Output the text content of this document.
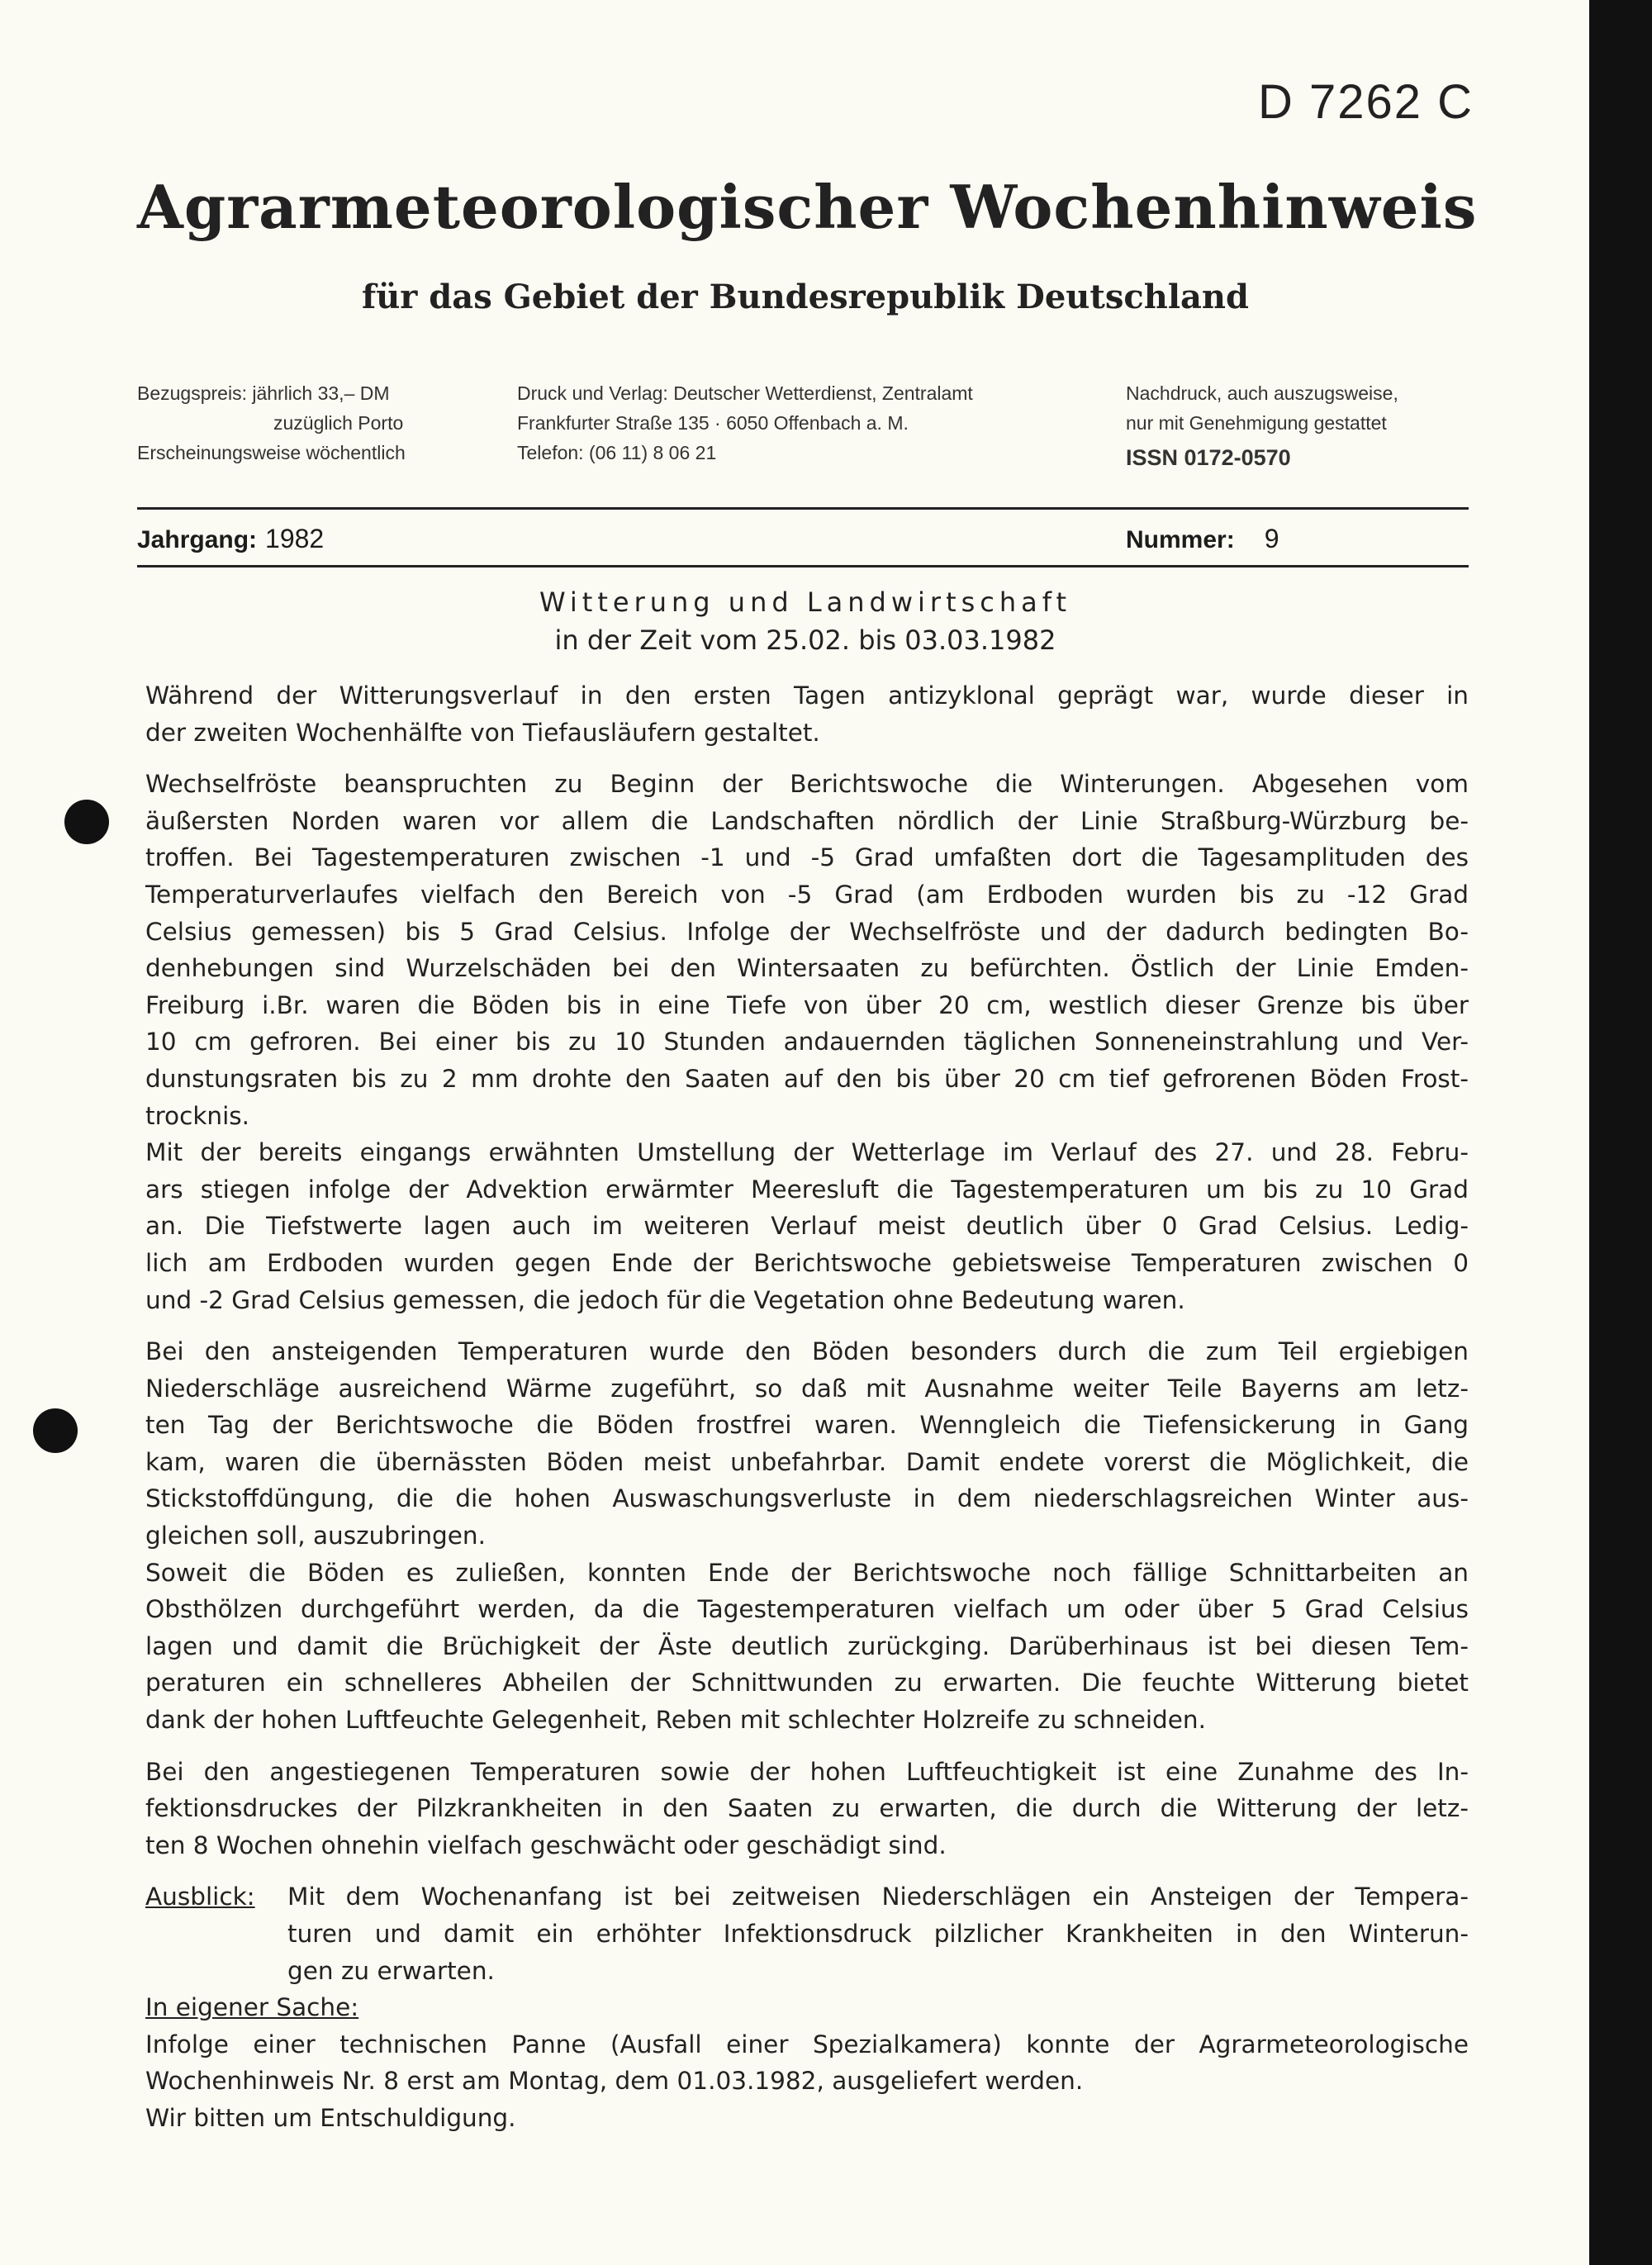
D 7262 C
Agrarmeteorologischer Wochenhinweis
für das Gebiet der Bundesrepublik Deutschland
Bezugspreis: jährlich 33,– DM
zuzüglich Porto
Erscheinungsweise wöchentlich
Druck und Verlag: Deutscher Wetterdienst, Zentralamt
Frankfurter Straße 135 · 6050 Offenbach a. M.
Telefon: (06 11) 8 06 21
Nachdruck, auch auszugsweise,
nur mit Genehmigung gestattet
ISSN 0172-0570
Jahrgang: 1982	Nummer: 9
Witterung und Landwirtschaft
in der Zeit vom 25.02. bis 03.03.1982
Während der Witterungsverlauf in den ersten Tagen antizyklonal geprägt war, wurde dieser in
der zweiten Wochenhälfte von Tiefausläufern gestaltet.
Wechselfröste beanspruchten zu Beginn der Berichtswoche die Winterungen. Abgesehen vom
äußersten Norden waren vor allem die Landschaften nördlich der Linie Straßburg-Würzburg be-
troffen. Bei Tagestemperaturen zwischen -1 und -5 Grad umfaßten dort die Tagesamplituden des
Temperaturverlaufes vielfach den Bereich von -5 Grad (am Erdboden wurden bis zu -12 Grad
Celsius gemessen) bis 5 Grad Celsius. Infolge der Wechselfröste und der dadurch bedingten Bo-
denhebungen sind Wurzelschäden bei den Wintersaaten zu befürchten. Östlich der Linie Emden-
Freiburg i.Br. waren die Böden bis in eine Tiefe von über 20 cm, westlich dieser Grenze bis über
10 cm gefroren. Bei einer bis zu 10 Stunden andauernden täglichen Sonneneinstrahlung und Ver-
dunstungsraten bis zu 2 mm drohte den Saaten auf den bis über 20 cm tief gefrorenen Böden Frost-
trocknis.
Mit der bereits eingangs erwähnten Umstellung der Wetterlage im Verlauf des 27. und 28. Febru-
ars stiegen infolge der Advektion erwärmter Meeresluft die Tagestemperaturen um bis zu 10 Grad
an. Die Tiefstwerte lagen auch im weiteren Verlauf meist deutlich über 0 Grad Celsius. Ledig-
lich am Erdboden wurden gegen Ende der Berichtswoche gebietsweise Temperaturen zwischen 0
und -2 Grad Celsius gemessen, die jedoch für die Vegetation ohne Bedeutung waren.
Bei den ansteigenden Temperaturen wurde den Böden besonders durch die zum Teil ergiebigen
Niederschläge ausreichend Wärme zugeführt, so daß mit Ausnahme weiter Teile Bayerns am letz-
ten Tag der Berichtswoche die Böden frostfrei waren. Wenngleich die Tiefensickerung in Gang
kam, waren die übernässten Böden meist unbefahrbar. Damit endete vorerst die Möglichkeit, die
Stickstoffdüngung, die die hohen Auswaschungsverluste in dem niederschlagsreichen Winter aus-
gleichen soll, auszubringen.
Soweit die Böden es zuließen, konnten Ende der Berichtswoche noch fällige Schnittarbeiten an
Obsthölzen durchgeführt werden, da die Tagestemperaturen vielfach um oder über 5 Grad Celsius
lagen und damit die Brüchigkeit der Äste deutlich zurückging. Darüberhinaus ist bei diesen Tem-
peraturen ein schnelleres Abheilen der Schnittwunden zu erwarten. Die feuchte Witterung bietet
dank der hohen Luftfeuchte Gelegenheit, Reben mit schlechter Holzreife zu schneiden.
Bei den angestiegenen Temperaturen sowie der hohen Luftfeuchtigkeit ist eine Zunahme des In-
fektionsdruckes der Pilzkrankheiten in den Saaten zu erwarten, die durch die Witterung der letz-
ten 8 Wochen ohnehin vielfach geschwächt oder geschädigt sind.
Ausblick:	Mit dem Wochenanfang ist bei zeitweisen Niederschlägen ein Ansteigen der Tempera-
turen und damit ein erhöhter Infektionsdruck pilzlicher Krankheiten in den Winterun-
gen zu erwarten.
In eigener Sache:
Infolge einer technischen Panne (Ausfall einer Spezialkamera) konnte der Agrarmeteorologische
Wochenhinweis Nr. 8 erst am Montag, dem 01.03.1982, ausgeliefert werden.
Wir bitten um Entschuldigung.
